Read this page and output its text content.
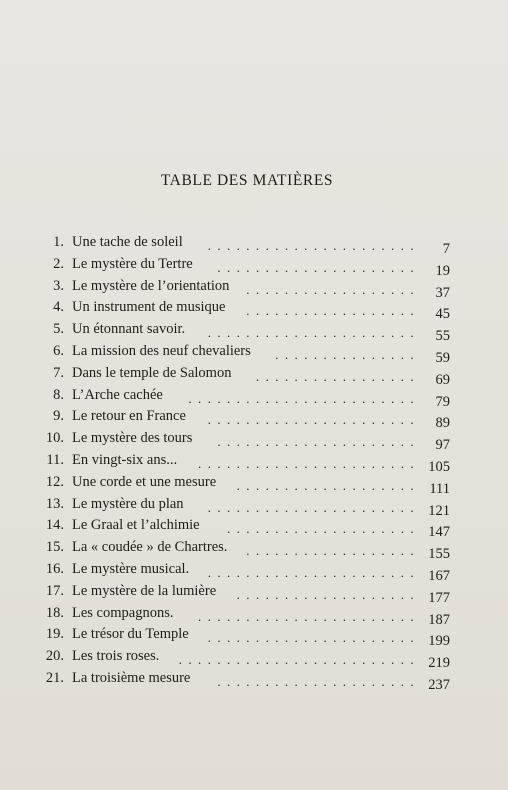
TABLE DES MATIÈRES
1. Une tache de soleil	...................... 7
2. Le mystère du Tertre	..................... 19
3. Le mystère de l’orientation	.................. 37
4. Un instrument de musique	.................. 45
5. Un étonnant savoir.	...................... 55
6. La mission des neuf chevaliers	............... 59
7. Dans le temple de Salomon	................. 69
8. L’Arche cachée	........................ 79
9. Le retour en France	...................... 89
10. Le mystère des tours	..................... 97
11. En vingt-six ans...	....................... 105
12. Une corde et une mesure	................... 111
13. Le mystère du plan	...................... 121
14. Le Graal et l’alchimie	.................... 147
15. La « coudée » de Chartres.	.................. 155
16. Le mystère musical.	...................... 167
17. Le mystère de la lumière	................... 177
18. Les compagnons.	....................... 187
19. Le trésor du Temple	...................... 199
20. Les trois roses.	......................... 219
21. La troisième mesure	..................... 237
